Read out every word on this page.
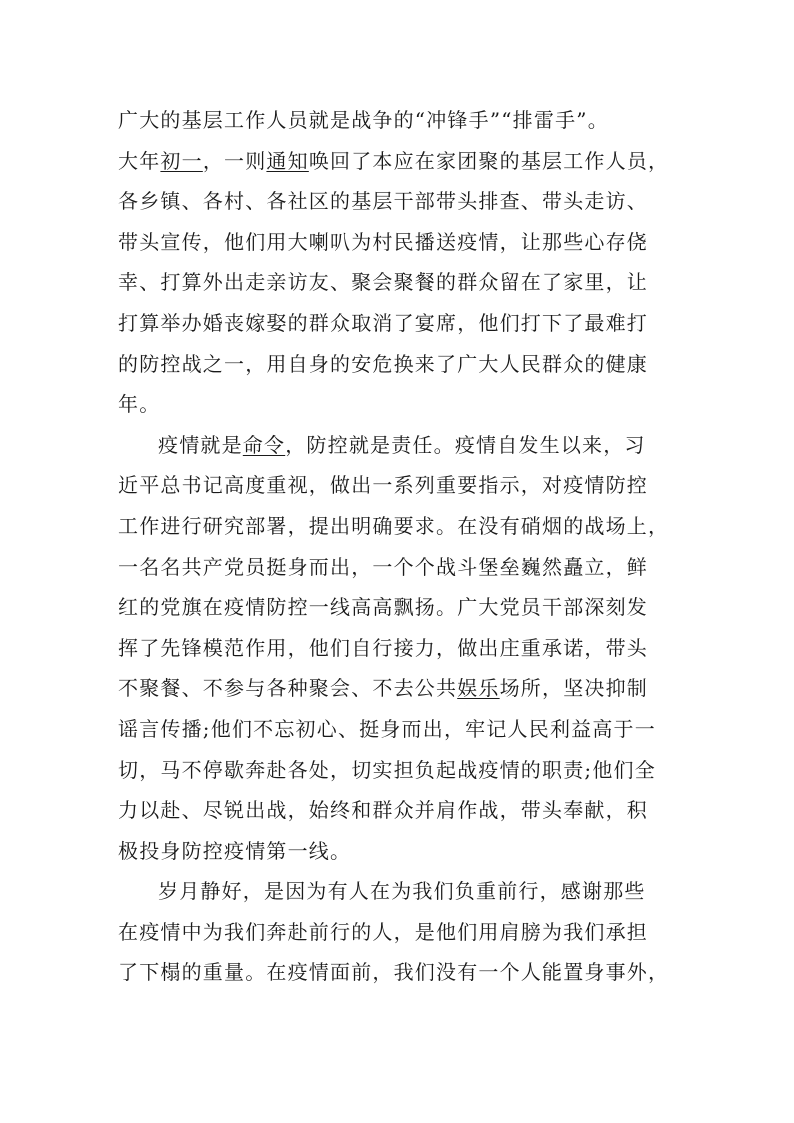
广大的基层工作人员就是战争的“冲锋手”“排雷手”。
大年初一，一则通知唤回了本应在家团聚的基层工作人员，
各乡镇、各村、各社区的基层干部带头排查、带头走访、
带头宣传，他们用大喇叭为村民播送疫情，让那些心存侥
幸、打算外出走亲访友、聚会聚餐的群众留在了家里，让
打算举办婚丧嫁娶的群众取消了宴席，他们打下了最难打
的防控战之一，用自身的安危换来了广大人民群众的健康
年。
疫情就是命令，防控就是责任。疫情自发生以来，习
近平总书记高度重视，做出一系列重要指示，对疫情防控
工作进行研究部署，提出明确要求。在没有硝烟的战场上，
一名名共产党员挺身而出，一个个战斗堡垒巍然矗立，鲜
红的党旗在疫情防控一线高高飘扬。广大党员干部深刻发
挥了先锋模范作用，他们自行接力，做出庄重承诺，带头
不聚餐、不参与各种聚会、不去公共娱乐场所，坚决抑制
谣言传播;他们不忘初心、挺身而出，牢记人民利益高于一
切，马不停歇奔赴各处，切实担负起战疫情的职责;他们全
力以赴、尽锐出战，始终和群众并肩作战，带头奉献，积
极投身防控疫情第一线。
岁月静好，是因为有人在为我们负重前行，感谢那些
在疫情中为我们奔赴前行的人，是他们用肩膀为我们承担
了下榻的重量。在疫情面前，我们没有一个人能置身事外，
